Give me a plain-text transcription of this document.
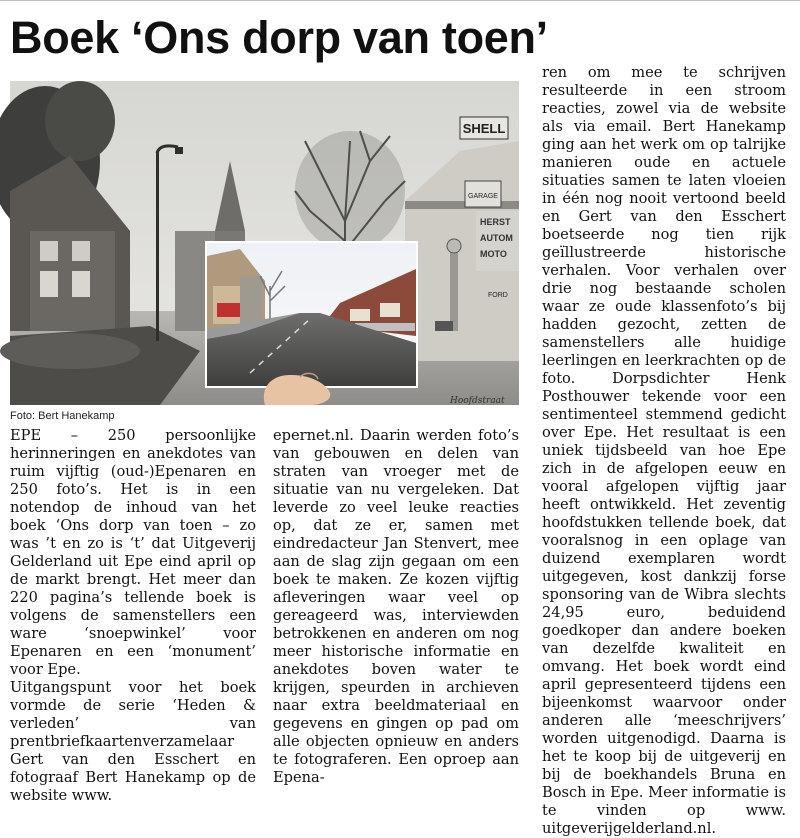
Boek ‘Ons dorp van toen’
SHELL
GARAGE
HERST AUTOM MOTO
FORD
Hoofdstraat
Foto: Bert Hanekamp

EPE – 250 persoonlijke herinneringen en anekdotes van ruim vijftig (oud-)Epenaren en 250 foto’s. Het is in een notendop de inhoud van het boek ‘Ons dorp van toen – zo was ’t en zo is ‘t’ dat Uitgeverij Gelderland uit Epe eind april op de markt brengt. Het meer dan 220 pagina’s tellende boek is volgens de samenstellers een ware ‘snoepwinkel’ voor Epenaren en een ‘monument’ voor Epe.

Uitgangspunt voor het boek vormde de serie ‘Heden & verleden’ van prentbriefkaartenverzamelaar Gert van den Esschert en fotograaf Bert Hanekamp op de website www.

epernet.nl. Daarin werden foto’s van gebouwen en delen van straten van vroeger met de situatie van nu vergeleken. Dat leverde zo veel leuke reacties op, dat ze er, samen met eindredacteur Jan Stenvert, mee aan de slag zijn gegaan om een boek te maken. Ze kozen vijftig afleveringen waar veel op gereageerd was, interviewden betrokkenen en anderen om nog meer historische informatie en anekdotes boven water te krijgen, speurden in archieven naar extra beeldmateriaal en gegevens en gingen op pad om alle objecten opnieuw en anders te fotograferen. Een oproep aan Epena-

ren om mee te schrijven resulteerde in een stroom reacties, zowel via de website als via email. Bert Hanekamp ging aan het werk om op talrijke manieren oude en actuele situaties samen te laten vloeien in één nog nooit vertoond beeld en Gert van den Esschert boetseerde nog tien rijk geïllustreerde historische verhalen. Voor verhalen over drie nog bestaande scholen waar ze oude klassenfoto’s bij hadden gezocht, zetten de samenstellers alle huidige leerlingen en leerkrachten op de foto. Dorpsdichter Henk Posthouwer tekende voor een sentimenteel stemmend gedicht over Epe. Het resultaat is een uniek tijdsbeeld van hoe Epe zich in de afgelopen eeuw en vooral afgelopen vijftig jaar heeft ontwikkeld. Het zeventig hoofdstukken tellende boek, dat vooralsnog in een oplage van duizend exemplaren wordt uitgegeven, kost dankzij forse sponsoring van de Wibra slechts 24,95 euro, beduidend goedkoper dan andere boeken van dezelfde kwaliteit en omvang. Het boek wordt eind april gepresenteerd tijdens een bijeenkomst waarvoor onder anderen alle ‘meeschrijvers’ worden uitgenodigd. Daarna is het te koop bij de uitgeverij en bij de boekhandels Bruna en Bosch in Epe. Meer informatie is te vinden op www. uitgeverijgelderland.nl.
